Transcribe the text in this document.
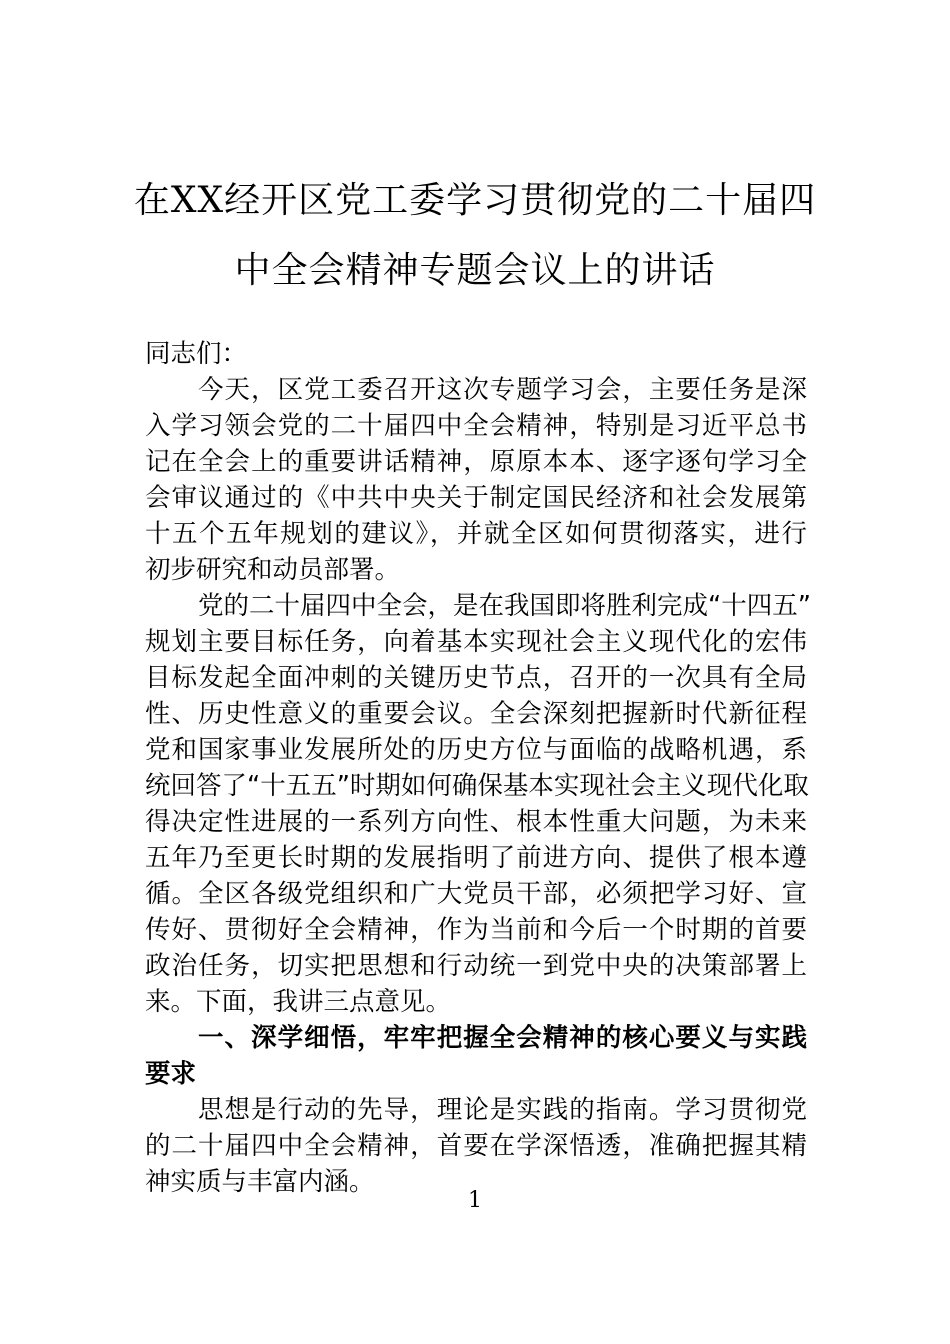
在XX经开区党工委学习贯彻党的二十届四
中全会精神专题会议上的讲话
同志们：
今天，区党工委召开这次专题学习会，主要任务是深
入学习领会党的二十届四中全会精神，特别是习近平总书
记在全会上的重要讲话精神，原原本本、逐字逐句学习全
会审议通过的《中共中央关于制定国民经济和社会发展第
十五个五年规划的建议》，并就全区如何贯彻落实，进行
初步研究和动员部署。
党的二十届四中全会，是在我国即将胜利完成“十四五”
规划主要目标任务，向着基本实现社会主义现代化的宏伟
目标发起全面冲刺的关键历史节点，召开的一次具有全局
性、历史性意义的重要会议。全会深刻把握新时代新征程
党和国家事业发展所处的历史方位与面临的战略机遇，系
统回答了“十五五”时期如何确保基本实现社会主义现代化取
得决定性进展的一系列方向性、根本性重大问题，为未来
五年乃至更长时期的发展指明了前进方向、提供了根本遵
循。全区各级党组织和广大党员干部，必须把学习好、宣
传好、贯彻好全会精神，作为当前和今后一个时期的首要
政治任务，切实把思想和行动统一到党中央的决策部署上
来。下面，我讲三点意见。
一、深学细悟，牢牢把握全会精神的核心要义与实践
要求
思想是行动的先导，理论是实践的指南。学习贯彻党
的二十届四中全会精神，首要在学深悟透，准确把握其精
神实质与丰富内涵。
1
